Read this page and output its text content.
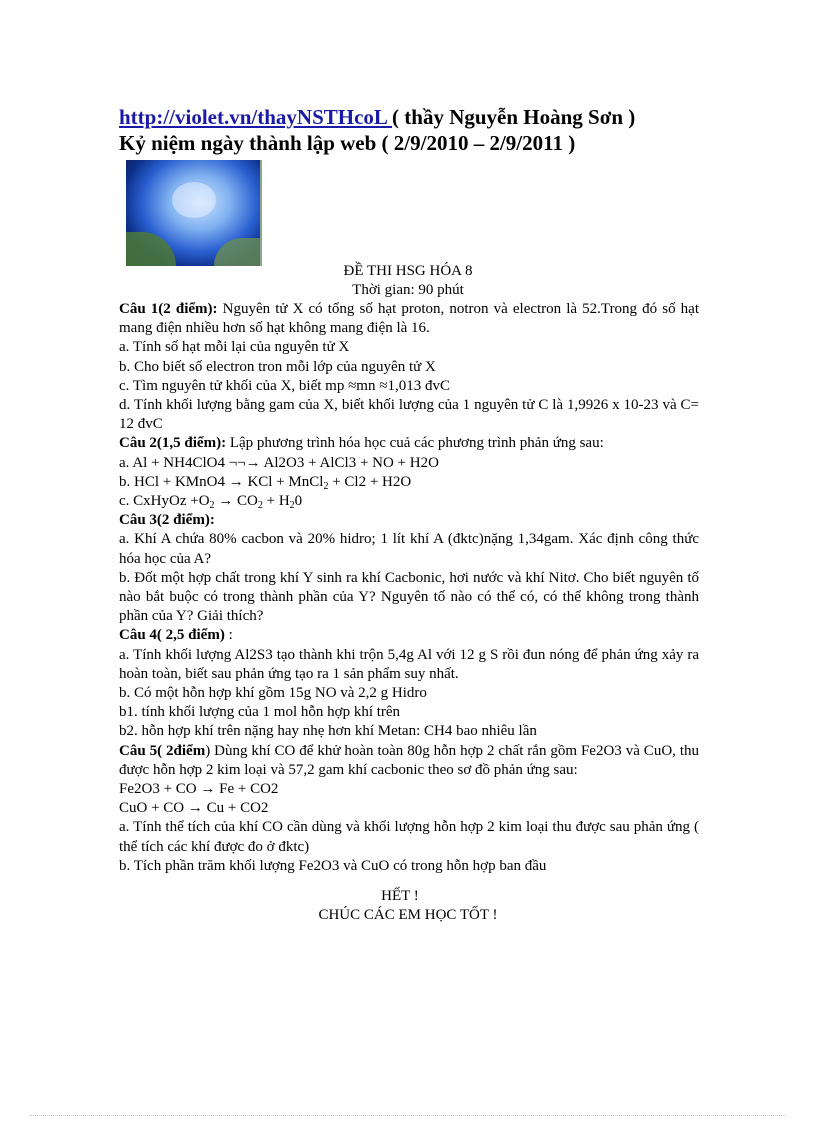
http://violet.vn/thayNSTHcoL ( thầy Nguyễn Hoàng Sơn )
Kỷ niệm ngày thành lập web ( 2/9/2010 – 2/9/2011 )
ĐỀ THI HSG HÓA 8
Thời gian: 90 phút

Câu 1(2 điểm): Nguyên tử X có tổng số hạt proton, notron và electron là 52.Trong đó số hạt mang điện nhiều hơn số hạt không mang điện là 16.

a. Tính số hạt mỗi lại của nguyên tử X

b. Cho biết số electron tron mỗi lớp của nguyên tử X

c. Tìm nguyên tử khối của X, biết mp ≈mn ≈1,013 đvC

d. Tính khối lượng bằng gam của X, biết khối lượng của 1 nguyên tử C là 1,9926 x 10-23 và C= 12 đvC

Câu 2(1,5 điểm): Lập phương trình hóa học cuả các phương trình phản ứng sau:

a. Al + NH4ClO4 ¬¬→ Al2O3 + AlCl3 + NO + H2O

b. HCl + KMnO4 → KCl + MnCl$_2$ + Cl2 + H2O

c. CxHyOz $+O_2 \to CO_2 + H_20$

Câu 3(2 điểm):

a. Khí A chứa 80% cacbon và 20% hidro; 1 lít khí A (đktc)nặng 1,34gam. Xác định công thức hóa học của A?

b. Đốt một hợp chất trong khí Y sinh ra khí Cacbonic, hơi nước và khí Nitơ. Cho biết nguyên tố nào bắt buộc có trong thành phần của Y? Nguyên tố nào có thể có, có thể không trong thành phần của Y? Giải thích?

Câu 4( 2,5 điểm) :

a. Tính khối lượng Al2S3 tạo thành khi trộn 5,4g Al với 12 g S rồi đun nóng để phản ứng xảy ra hoàn toàn, biết sau phản ứng tạo ra 1 sản phẩm suy nhất.

b. Có một hỗn hợp khí gồm 15g NO và 2,2 g Hidro

b1. tính khối lượng của 1 mol hỗn hợp khí trên

b2. hỗn hợp khí trên nặng hay nhẹ hơn khí Metan: CH4 bao nhiêu lần

Câu 5( 2điểm) Dùng khí CO để khử hoàn toàn 80g hỗn hợp 2 chất rắn gồm Fe2O3 và CuO, thu được hỗn hợp 2 kim loại và 57,2 gam khí cacbonic theo sơ đồ phản ứng sau:

Fe2O3 + CO → Fe + CO2

CuO + CO → Cu + CO2

a. Tính thể tích của khí CO cần dùng và khối lượng hỗn hợp 2 kim loại thu được sau phản ứng ( thể tích các khí được đo ở đktc)

b. Tích phần trăm khối lượng Fe2O3 và CuO có trong hỗn hợp ban đầu

HẾT !
CHÚC CÁC EM HỌC TỐT !
